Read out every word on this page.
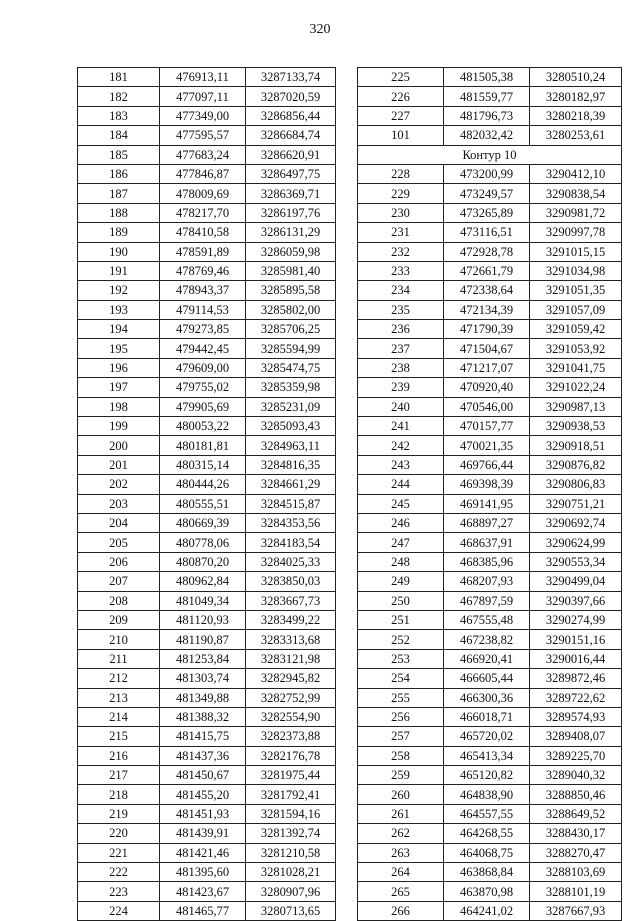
320
181	476913,11	3287133,74
182	477097,11	3287020,59
183	477349,00	3286856,44
184	477595,57	3286684,74
185	477683,24	3286620,91
186	477846,87	3286497,75
187	478009,69	3286369,71
188	478217,70	3286197,76
189	478410,58	3286131,29
190	478591,89	3286059,98
191	478769,46	3285981,40
192	478943,37	3285895,58
193	479114,53	3285802,00
194	479273,85	3285706,25
195	479442,45	3285594,99
196	479609,00	3285474,75
197	479755,02	3285359,98
198	479905,69	3285231,09
199	480053,22	3285093,43
200	480181,81	3284963,11
201	480315,14	3284816,35
202	480444,26	3284661,29
203	480555,51	3284515,87
204	480669,39	3284353,56
205	480778,06	3284183,54
206	480870,20	3284025,33
207	480962,84	3283850,03
208	481049,34	3283667,73
209	481120,93	3283499,22
210	481190,87	3283313,68
211	481253,84	3283121,98
212	481303,74	3282945,82
213	481349,88	3282752,99
214	481388,32	3282554,90
215	481415,75	3282373,88
216	481437,36	3282176,78
217	481450,67	3281975,44
218	481455,20	3281792,41
219	481451,93	3281594,16
220	481439,91	3281392,74
221	481421,46	3281210,58
222	481395,60	3281028,21
223	481423,67	3280907,96
224	481465,77	3280713,65
225	481505,38	3280510,24
226	481559,77	3280182,97
227	481796,73	3280218,39
101	482032,42	3280253,61
Контур 10		
228	473200,99	3290412,10
229	473249,57	3290838,54
230	473265,89	3290981,72
231	473116,51	3290997,78
232	472928,78	3291015,15
233	472661,79	3291034,98
234	472338,64	3291051,35
235	472134,39	3291057,09
236	471790,39	3291059,42
237	471504,67	3291053,92
238	471217,07	3291041,75
239	470920,40	3291022,24
240	470546,00	3290987,13
241	470157,77	3290938,53
242	470021,35	3290918,51
243	469766,44	3290876,82
244	469398,39	3290806,83
245	469141,95	3290751,21
246	468897,27	3290692,74
247	468637,91	3290624,99
248	468385,96	3290553,34
249	468207,93	3290499,04
250	467897,59	3290397,66
251	467555,48	3290274,99
252	467238,82	3290151,16
253	466920,41	3290016,44
254	466605,44	3289872,46
255	466300,36	3289722,62
256	466018,71	3289574,93
257	465720,02	3289408,07
258	465413,34	3289225,70
259	465120,82	3289040,32
260	464838,90	3288850,46
261	464557,55	3288649,52
262	464268,55	3288430,17
263	464068,75	3288270,47
264	463868,84	3288103,69
265	463870,98	3288101,19
266	464241,02	3287667,93
